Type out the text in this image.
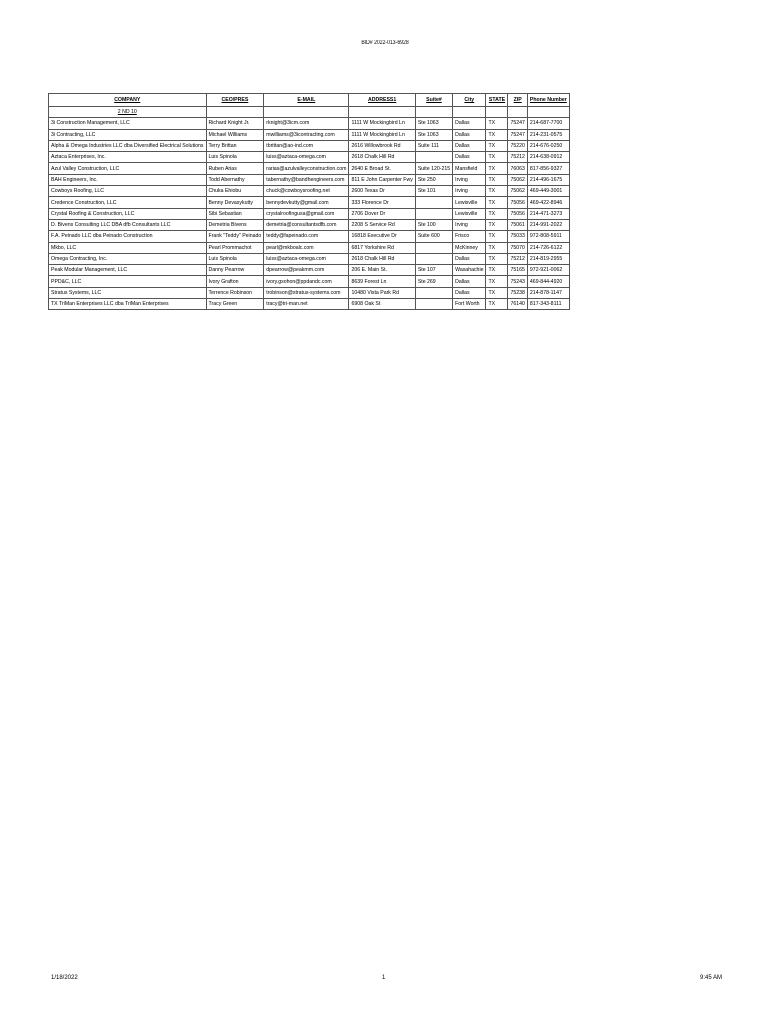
BID# 2022-013-6928
COMPANY	CEO/PRES	E-MAIL	ADDRESS1	Suite#	City	STATE	ZIP	Phone Number
2 ND 10								
3i Construction Management, LLC	Richard Knight Jr.	rknight@3icm.com	1111 W Mockingbird Ln	Ste 1063	Dallas	TX	75247	214-687-7700
3i Contracting, LLC	Michael Williams	mwilliams@3icontracting.com	1111 W Mockingbird Ln	Ste 1063	Dallas	TX	75247	214-231-0575
Alpha & Omega Industries LLC dba Diversified Electrical Solutions	Terry Brittan	tbrittan@ao-ind.com	2616 Willowbrook Rd	Suite 111	Dallas	TX	75220	214-676-0250
Aztaca Enterprises, Inc.	Luis Spinola	luiss@aztaca-omega.com	2618 Chalk Hill Rd		Dallas	TX	75212	214-638-0912
Azul Valley Construction, LLC	Ruben Arias	rarias@azulvalleyconstruction.com	2640 E Broad St.	Suite 120-215	Mansfield	TX	76063	817-856-9327
BAH Engineers, Inc.	Todd Abernathy	tabernathy@bandhengineers.com	811 E John Carpenter Fwy	Ste 250	Irving	TX	75062	214-496-1675
Cowboys Roofing, LLC	Chuka Ehiobu	chuck@cowboysroofing.net	2600 Texas Dr	Ste 101	Irving	TX	75062	469-449-3001
Credence Construction, LLC	Benny Devasykutty	bennydevkutty@gmail.com	333 Florence Dr		Lewisville	TX	75056	469-422-8946
Crystal Roofing & Construction, LLC	Sibi Sebastian	crystalroofingusa@gmail.com	2706 Dover Dr		Lewisville	TX	75056	214-471-3273
D. Bivens Consulting LLC DBA dfb Consultants LLC	Demetria Bivens	demetria@consultantsdfb.com	2208 S Service Rd	Ste 100	Irving	TX	75061	214-991-2022
F.A. Peinado LLC dba Peinado Construction	Frank "Teddy" Peinado	teddy@fapeinado.com	16818 Executive Dr	Suite 600	Frisco	TX	75033	972-808-5911
Mkbo, LLC	Pearl Prommachot	pearl@mkboalc.com	6817 Yorkshire Rd		McKinney	TX	75070	214-726-6122
Omega Contracting, Inc.	Luis Spinola	luiss@aztaca-omega.com	2618 Chalk Hill Rd		Dallas	TX	75212	214-819-2955
Peak Modular Management, LLC	Danny Pearrow	dpearrow@peakmm.com	206 E. Main St.	Ste 107	Waxahachie	TX	75165	972-921-0062
PPD&C, LLC	Ivory Grafton	ivory.gsohon@ppdandc.com	8639 Forest Ln	Ste 269	Dallas	TX	75243	469-844-4920
Stratus Systems, LLC	Terrence Robinson	trobinson@stratus-systems.com	10480 Vista Park Rd		Dallas	TX	75238	214-878-1147
TX TriMan Enterprises LLC dba TriMan Enterprises	Tracy Green	tracy@tri-man.net	6908 Oak St		Fort Worth	TX	76140	817-343-8111
1/18/2022	1	9:45 AM
